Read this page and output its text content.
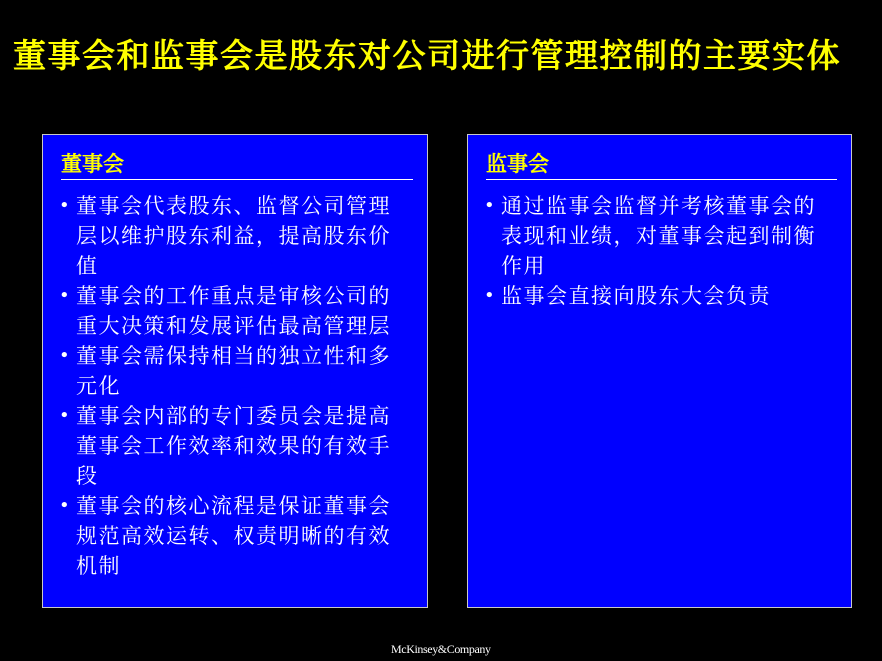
董事会和监事会是股东对公司进行管理控制的主要实体
董事会
• 董事会代表股东、监督公司管理层以维护股东利益，提高股东价值
• 董事会的工作重点是审核公司的重大决策和发展评估最高管理层
• 董事会需保持相当的独立性和多元化
• 董事会内部的专门委员会是提高董事会工作效率和效果的有效手段
• 董事会的核心流程是保证董事会规范高效运转、权责明晰的有效机制
监事会
• 通过监事会监督并考核董事会的表现和业绩，对董事会起到制衡作用
• 监事会直接向股东大会负责
McKinsey&Company
